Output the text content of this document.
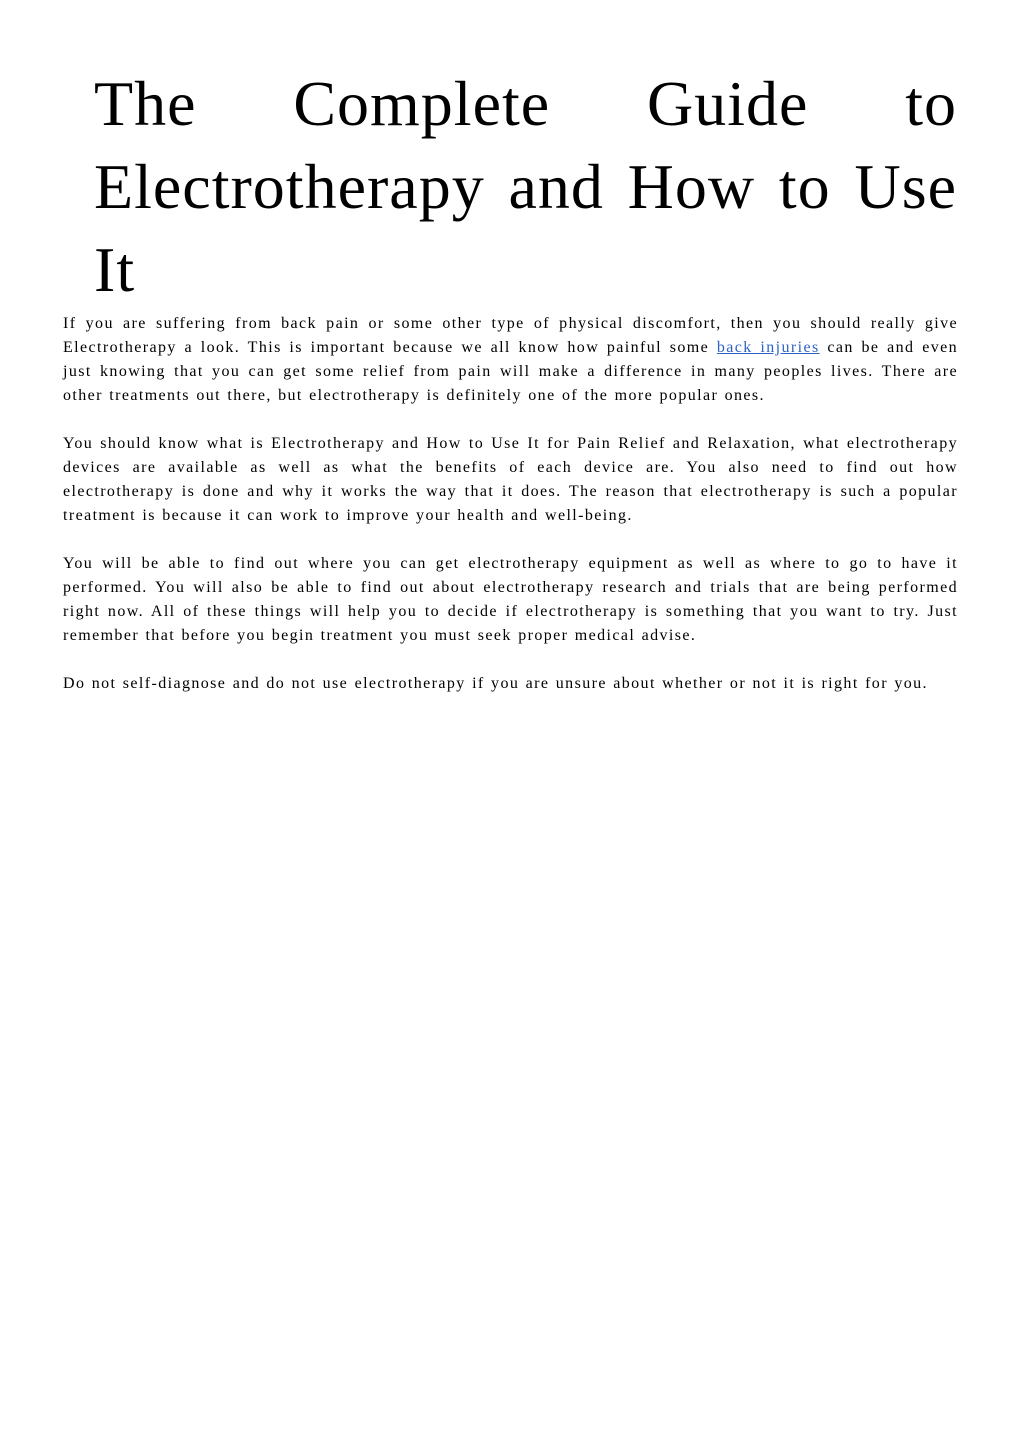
The Complete Guide to Electrotherapy and How to Use It

If you are suffering from back pain or some other type of physical discomfort, then you should really give Electrotherapy a look. This is important because we all know how painful some back injuries can be and even just knowing that you can get some relief from pain will make a difference in many peoples lives. There are other treatments out there, but electrotherapy is definitely one of the more popular ones.

You should know what is Electrotherapy and How to Use It for Pain Relief and Relaxation, what electrotherapy devices are available as well as what the benefits of each device are. You also need to find out how electrotherapy is done and why it works the way that it does. The reason that electrotherapy is such a popular treatment is because it can work to improve your health and well-being.

You will be able to find out where you can get electrotherapy equipment as well as where to go to have it performed. You will also be able to find out about electrotherapy research and trials that are being performed right now. All of these things will help you to decide if electrotherapy is something that you want to try. Just remember that before you begin treatment you must seek proper medical advise.

Do not self-diagnose and do not use electrotherapy if you are unsure about whether or not it is right for you.
